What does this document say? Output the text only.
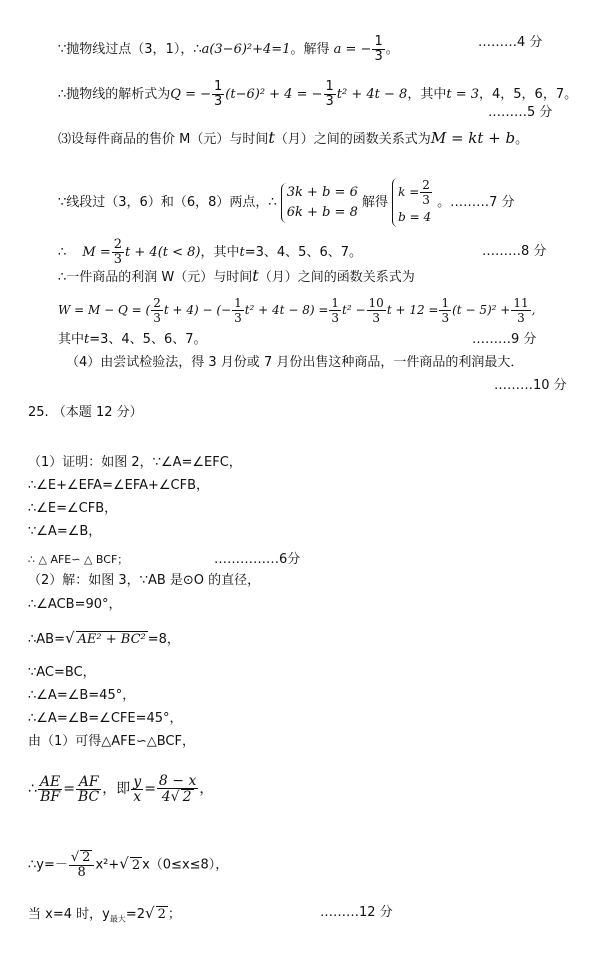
∵抛物线过点（3，1），∴a(3−6)²+4=1。解得 a = − $\frac{1}{3}$ 。	………4 分
∴抛物线的解析式为Q = − $\frac{1}{3} (t-6)^2 + 4$ = − $\frac{1}{3} t^2 + 4t - 8$，其中t = 3，4，5，6，7。
………5 分
⑶设每件商品的售价 M（元）与时间t（月）之间的函数关系式为M = kt + b。
∵线段过（3，6）和（6，8）两点，∴
3k + b = 6
6k + b = 8
解得
$k = \frac{2}{3}$
b = 4
。………7 分
∴ $M = \frac{2}{3}$ t + 4(t < 8)，其中t=3、4、5、6、7。	………8 分
∴一件商品的利润 W（元）与时间t（月）之间的函数关系式为
W = M − Q = ( $\frac{2}{3}$ t + 4) − (− $\frac{1}{3} t^2 + 4t - 8) = \frac{1}{3} t^2 - \frac{10}{3}$ $t + 12 = \frac{1}{3} (t - 5)^2 + \frac{11}{3}$ ,
其中t=3、4、5、6、7。	………9 分
（4）由尝试检验法，得 3 月份或 7 月份出售这种商品，一件商品的利润最大．
………10 分
25. （本题 12 分）
（1）证明：如图 2，∵∠A=∠EFC，
∴∠E+∠EFA=∠EFA+∠CFB，
∴∠E=∠CFB，
∵∠A=∠B，
∴ △ AFE∽ △ BCF；	……………6分
（2）解：如图 3，∵AB 是⊙O 的直径，
∴∠ACB=90°，
∴AB=√ AE² + BC² =8，
∵AC=BC，
∴∠A=∠B=45°，
∴∠A=∠B=∠CFE=45°，
由（1）可得△AFE∽△BCF，
∴ $\frac{AE}{BF} = \frac{AF}{BC}$ ，即 $\frac{y}{x} = \frac{8 - x}{4√ 2}$ ，
∴y=－ $\frac{√ 2}{8} x^2+√$ 2 x（0≤x≤8），
当 x=4 时，$y_{最大}=2√$ 2 ；	………12 分
